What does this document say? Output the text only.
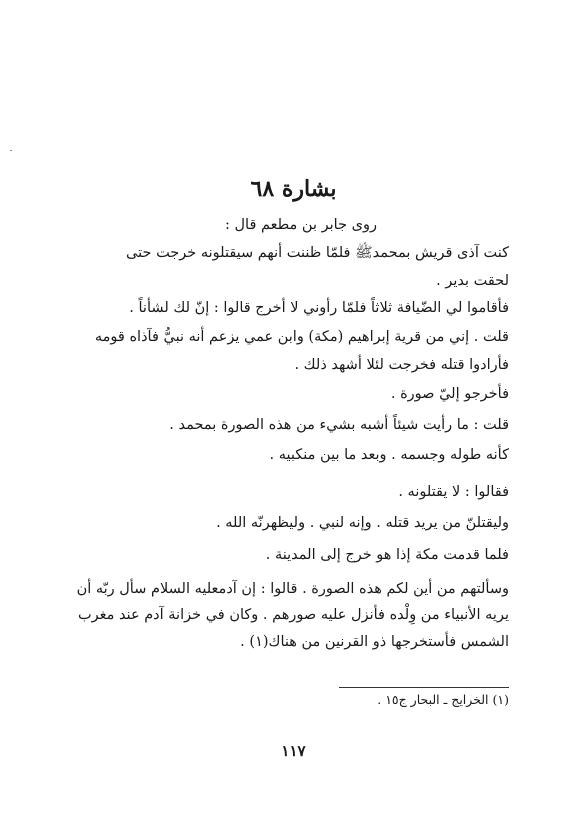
بشارة ٦٨
روى جابر بن مطعم قال :
كنت آذى قريش بمحمدﷺ فلمّا ظننت أنهم سيقتلونه خرجت حتى
لحقت بدير .
فأقاموا لي الضّيافة ثلاثاً فلمّا رأوني لا أخرج قالوا : إنّ لك لشأناً .
قلت . إني من قرية إبراهيم (مكة) وابن عمي يزعم أنه نبيُّ فآذاه قومه
فأرادوا قتله فخرجت لئلا أشهد ذلك .
فأخرجو إليّ صورة .
قلت : ما رأيت شيئاً أشبه بشيء من هذه الصورة بمحمد .
كأنه طوله وجسمه . وبعد ما بين منكبيه .
فقالوا : لا يقتلونه .
وليقتلنّ من يريد قتله . وإنه لنبي . وليظهرنّه الله .
فلما قدمت مكة إذا هو خرج إلى المدينة .
وسألتهم من أين لكم هذه الصورة . قالوا : إن آدمعليه السلام سأل ربّه أن
يريه الأنبياء من وِلْده فأنزل عليه صورهم . وكان في خزانة آدم عند مغرب
الشمس فأستخرجها ذو القرنين من هناك(١) .
(١) الخرايج ـ البحار ج١٥ .
١١٧
